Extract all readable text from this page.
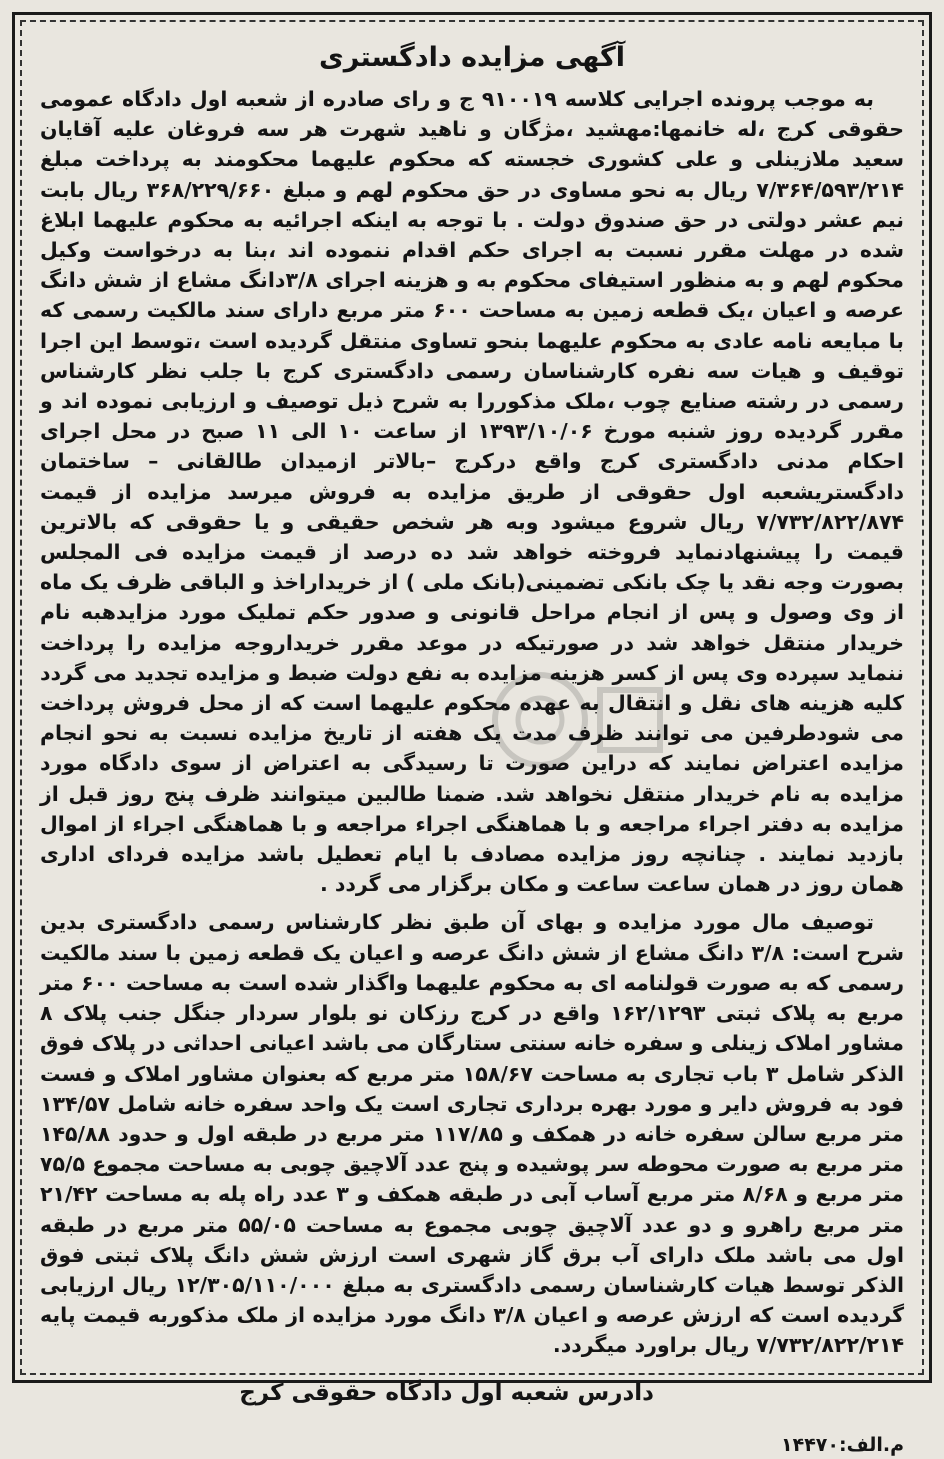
آگهی مزایده دادگستری

به موجب پرونده اجرایی کلاسه ۹۱۰۰۱۹ ج و رای صادره از شعبه اول دادگاه عمومی حقوقی کرج ،له خانمها:مهشید ،مژگان و ناهید شهرت هر سه فروغان علیه آقایان سعید ملازینلی و علی کشوری خجسته که محکوم علیهما محکومند به پرداخت مبلغ ۷/۳۶۴/۵۹۳/۲۱۴ ریال به نحو مساوی در حق محکوم لهم و مبلغ ۳۶۸/۲۲۹/۶۶۰ ریال بابت نیم عشر دولتی در حق صندوق دولت . با توجه به اینکه اجرائیه به محکوم علیهما ابلاغ شده در مهلت مقرر نسبت به اجرای حکم اقدام ننموده اند ،بنا به درخواست وکیل محکوم لهم و به منظور استیفای محکوم به و هزینه اجرای ۳/۸دانگ مشاع از شش دانگ عرصه و اعیان ،یک قطعه زمین به مساحت ۶۰۰ متر مربع دارای سند مالکیت رسمی که با مبایعه نامه عادی به محکوم علیهما بنحو تساوی منتقل گردیده است ،توسط این اجرا توقیف و هیات سه نفره کارشناسان رسمی دادگستری کرج با جلب نظر کارشناس رسمی در رشته صنایع چوب ،ملک مذکوررا به شرح ذیل توصیف و ارزیابی نموده اند و مقرر گردیده روز شنبه مورخ ۱۳۹۳/۱۰/۰۶ از ساعت ۱۰ الی ۱۱ صبح در محل اجرای احکام مدنی دادگستری کرج واقع درکرج –بالاتر ازمیدان طالقانی – ساختمان دادگستریشعبه اول حقوقی از طریق مزایده به فروش میرسد مزایده از قیمت ۷/۷۳۲/۸۲۲/۸۷۴ ریال شروع میشود وبه هر شخص حقیقی و یا حقوقی که بالاترین قیمت را پیشنهادنماید فروخته خواهد شد ده درصد از قیمت مزایده فی المجلس بصورت وجه نقد یا چک بانکی تضمینی(بانک ملی ) از خریداراخذ و الباقی ظرف یک ماه از وی وصول و پس از انجام مراحل قانونی و صدور حکم تملیک مورد مزایدهبه نام خریدار منتقل خواهد شد در صورتیکه در موعد مقرر خریداروجه مزایده را پرداخت ننماید سپرده وی پس از کسر هزینه مزایده به نفع دولت ضبط و مزایده تجدید می گردد کلیه هزینه های نقل و انتقال به عهده محکوم علیهما است که از محل فروش پرداخت می شودطرفین می توانند ظرف مدت یک هفته از تاریخ مزایده نسبت به نحو انجام مزایده اعتراض نمایند که دراین صورت تا رسیدگی به اعتراض از سوی دادگاه مورد مزایده به نام خریدار منتقل نخواهد شد. ضمنا طالبین میتوانند ظرف پنج روز قبل از مزایده به دفتر اجراء مراجعه و با هماهنگی اجراء مراجعه و با هماهنگی اجراء از اموال بازدید نمایند . چنانچه روز مزایده مصادف با ایام تعطیل باشد مزایده فردای اداری همان روز در همان ساعت ساعت و مکان برگزار می گردد .

توصیف مال مورد مزایده و بهای آن طبق نظر کارشناس رسمی دادگستری بدین شرح است: ۳/۸ دانگ مشاع از شش دانگ عرصه و اعیان یک قطعه زمین با سند مالکیت رسمی که به صورت قولنامه ای به محکوم علیهما واگذار شده است به مساحت ۶۰۰ متر مربع به پلاک ثبتی ۱۶۲/۱۲۹۳ واقع در کرج رزکان نو بلوار سردار جنگل جنب پلاک ۸ مشاور املاک زینلی و سفره خانه سنتی ستارگان می باشد اعیانی احداثی در پلاک فوق الذکر شامل ۳ باب تجاری به مساحت ۱۵۸/۶۷ متر مربع که بعنوان مشاور املاک و فست فود به فروش دایر و مورد بهره برداری تجاری است یک واحد سفره خانه شامل ۱۳۴/۵۷ متر مربع سالن سفره خانه در همکف و ۱۱۷/۸۵ متر مربع در طبقه اول و حدود ۱۴۵/۸۸ متر مربع به صورت محوطه سر پوشیده و پنج عدد آلاچیق چوبی به مساحت مجموع ۷۵/۵ متر مربع و ۸/۶۸ متر مربع آساب آبی در طبقه همکف و ۳ عدد راه پله به مساحت ۲۱/۴۲ متر مربع راهرو و دو عدد آلاچیق چوبی مجموع به مساحت ۵۵/۰۵ متر مربع در طبقه اول می باشد ملک دارای آب برق گاز شهری است ارزش شش دانگ پلاک ثبتی فوق الذکر توسط هیات کارشناسان رسمی دادگستری به مبلغ ۱۲/۳۰۵/۱۱۰/۰۰۰ ریال ارزیابی گردیده است که ارزش عرصه و اعیان ۳/۸ دانگ مورد مزایده از ملک مذکوربه قیمت پایه ۷/۷۳۲/۸۲۲/۲۱۴ ریال براورد میگردد.

دادرس شعبه اول دادگاه حقوقی کرج
م.الف:۱۴۴۷۰
